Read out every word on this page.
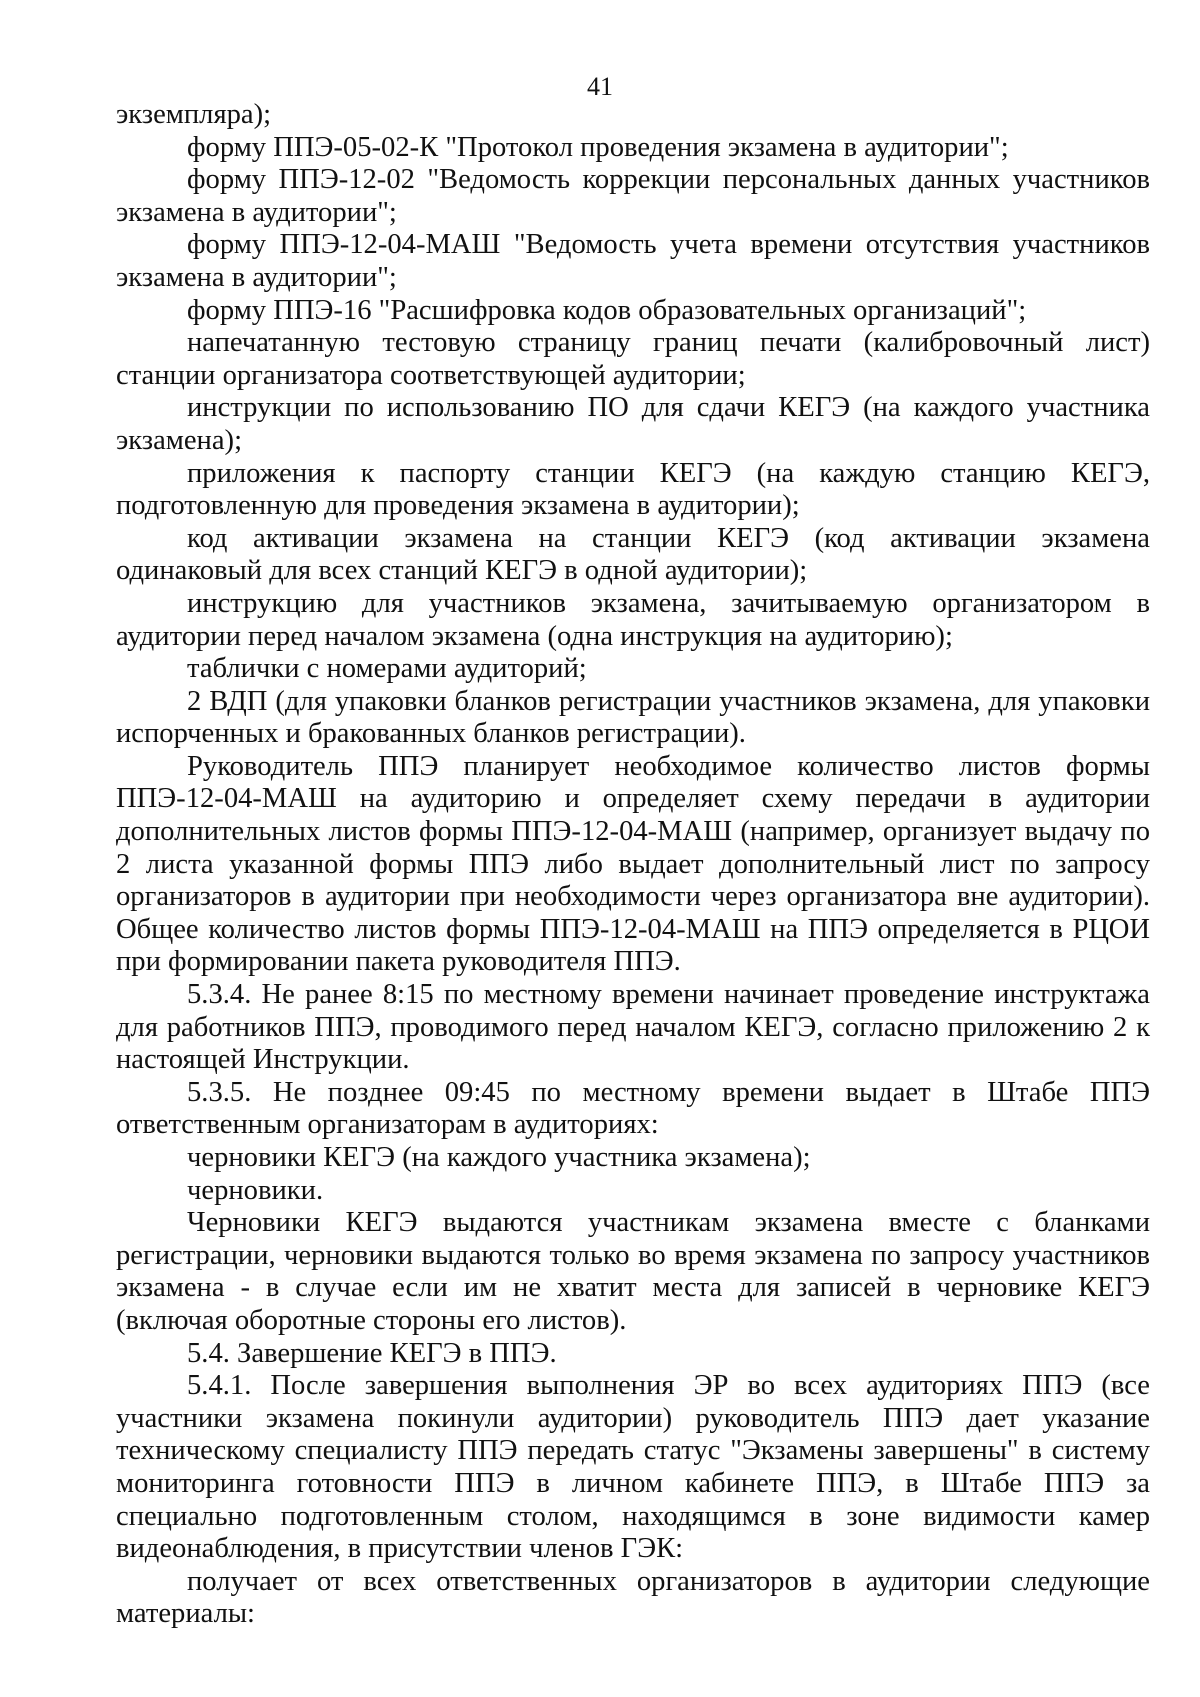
41

экземпляра);

форму ППЭ-05-02-К "Протокол проведения экзамена в аудитории";

форму ППЭ-12-02 "Ведомость коррекции персональных данных участников экзамена в аудитории";

форму ППЭ-12-04-МАШ "Ведомость учета времени отсутствия участников экзамена в аудитории";

форму ППЭ-16 "Расшифровка кодов образовательных организаций";

напечатанную тестовую страницу границ печати (калибровочный лист) станции организатора соответствующей аудитории;

инструкции по использованию ПО для сдачи КЕГЭ (на каждого участника экзамена);

приложения к паспорту станции КЕГЭ (на каждую станцию КЕГЭ, подготовленную для проведения экзамена в аудитории);

код активации экзамена на станции КЕГЭ (код активации экзамена одинаковый для всех станций КЕГЭ в одной аудитории);

инструкцию для участников экзамена, зачитываемую организатором в аудитории перед началом экзамена (одна инструкция на аудиторию);

таблички с номерами аудиторий;

2 ВДП (для упаковки бланков регистрации участников экзамена, для упаковки испорченных и бракованных бланков регистрации).

Руководитель ППЭ планирует необходимое количество листов формы ППЭ-12-04-МАШ на аудиторию и определяет схему передачи в аудитории дополнительных листов формы ППЭ-12-04-МАШ (например, организует выдачу по 2 листа указанной формы ППЭ либо выдает дополнительный лист по запросу организаторов в аудитории при необходимости через организатора вне аудитории). Общее количество листов формы ППЭ-12-04-МАШ на ППЭ определяется в РЦОИ при формировании пакета руководителя ППЭ.

5.3.4. Не ранее 8:15 по местному времени начинает проведение инструктажа для работников ППЭ, проводимого перед началом КЕГЭ, согласно приложению 2 к настоящей Инструкции.

5.3.5. Не позднее 09:45 по местному времени выдает в Штабе ППЭ ответственным организаторам в аудиториях:

черновики КЕГЭ (на каждого участника экзамена);

черновики.

Черновики КЕГЭ выдаются участникам экзамена вместе с бланками регистрации, черновики выдаются только во время экзамена по запросу участников экзамена - в случае если им не хватит места для записей в черновике КЕГЭ (включая оборотные стороны его листов).

5.4. Завершение КЕГЭ в ППЭ.

5.4.1. После завершения выполнения ЭР во всех аудиториях ППЭ (все участники экзамена покинули аудитории) руководитель ППЭ дает указание техническому специалисту ППЭ передать статус "Экзамены завершены" в систему мониторинга готовности ППЭ в личном кабинете ППЭ, в Штабе ППЭ за специально подготовленным столом, находящимся в зоне видимости камер видеонаблюдения, в присутствии членов ГЭК:

получает от всех ответственных организаторов в аудитории следующие материалы:
